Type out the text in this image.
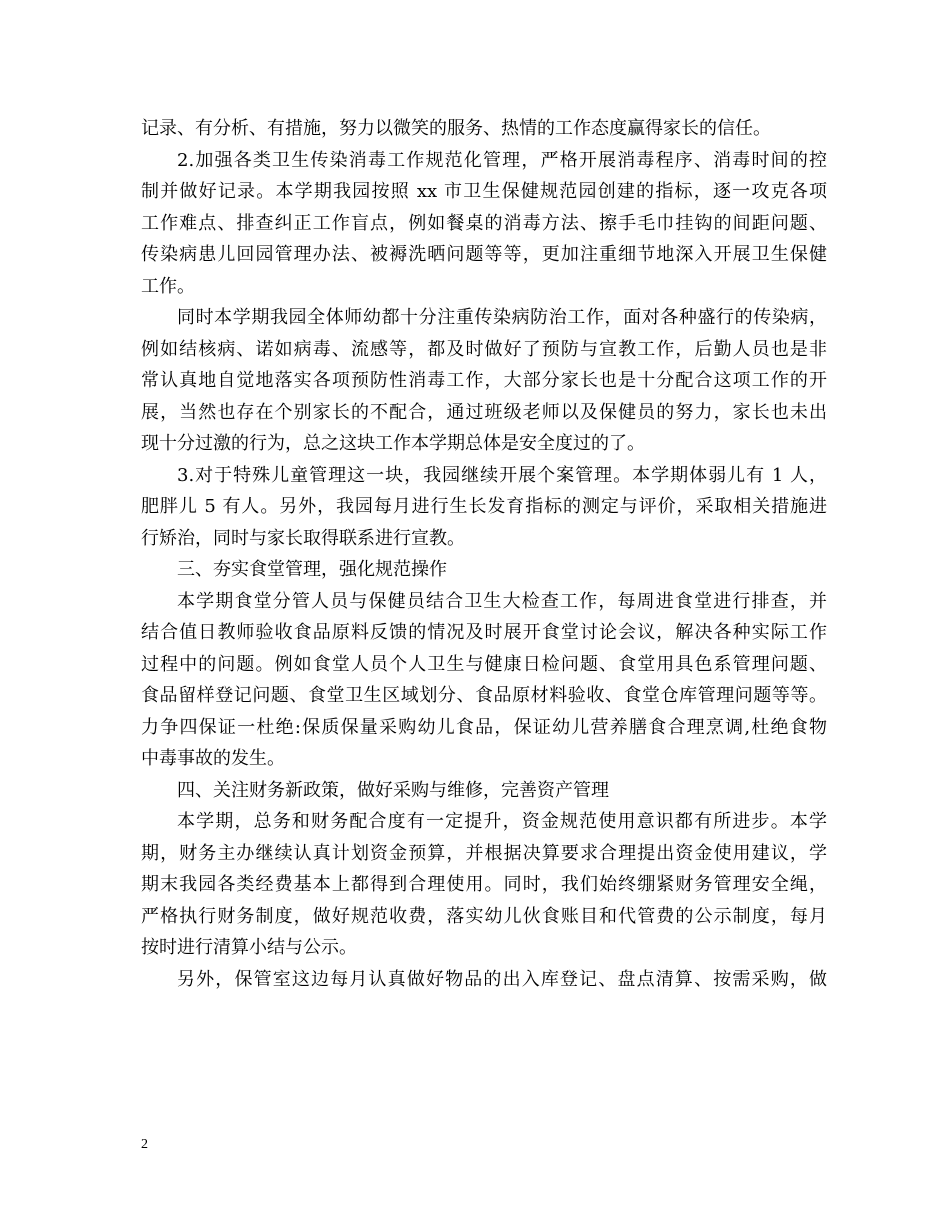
记录、有分析、有措施，努力以微笑的服务、热情的工作态度赢得家长的信任。
2.加强各类卫生传染消毒工作规范化管理，严格开展消毒程序、消毒时间的控
制并做好记录。本学期我园按照 xx 市卫生保健规范园创建的指标，逐一攻克各项
工作难点、排查纠正工作盲点，例如餐桌的消毒方法、擦手毛巾挂钩的间距问题、
传染病患儿回园管理办法、被褥洗晒问题等等，更加注重细节地深入开展卫生保健
工作。
同时本学期我园全体师幼都十分注重传染病防治工作，面对各种盛行的传染病，
例如结核病、诺如病毒、流感等，都及时做好了预防与宣教工作，后勤人员也是非
常认真地自觉地落实各项预防性消毒工作，大部分家长也是十分配合这项工作的开
展，当然也存在个别家长的不配合，通过班级老师以及保健员的努力，家长也未出
现十分过激的行为，总之这块工作本学期总体是安全度过的了。
3.对于特殊儿童管理这一块，我园继续开展个案管理。本学期体弱儿有 1 人，
肥胖儿 5 有人。另外，我园每月进行生长发育指标的测定与评价，采取相关措施进
行矫治，同时与家长取得联系进行宣教。
三、夯实食堂管理，强化规范操作
本学期食堂分管人员与保健员结合卫生大检查工作，每周进食堂进行排查，并
结合值日教师验收食品原料反馈的情况及时展开食堂讨论会议，解决各种实际工作
过程中的问题。例如食堂人员个人卫生与健康日检问题、食堂用具色系管理问题、
食品留样登记问题、食堂卫生区域划分、食品原材料验收、食堂仓库管理问题等等。
力争四保证一杜绝:保质保量采购幼儿食品，保证幼儿营养膳食合理烹调,杜绝食物
中毒事故的发生。
四、关注财务新政策，做好采购与维修，完善资产管理
本学期，总务和财务配合度有一定提升，资金规范使用意识都有所进步。本学
期，财务主办继续认真计划资金预算，并根据决算要求合理提出资金使用建议，学
期末我园各类经费基本上都得到合理使用。同时，我们始终绷紧财务管理安全绳，
严格执行财务制度，做好规范收费，落实幼儿伙食账目和代管费的公示制度，每月
按时进行清算小结与公示。
另外，保管室这边每月认真做好物品的出入库登记、盘点清算、按需采购，做
2
